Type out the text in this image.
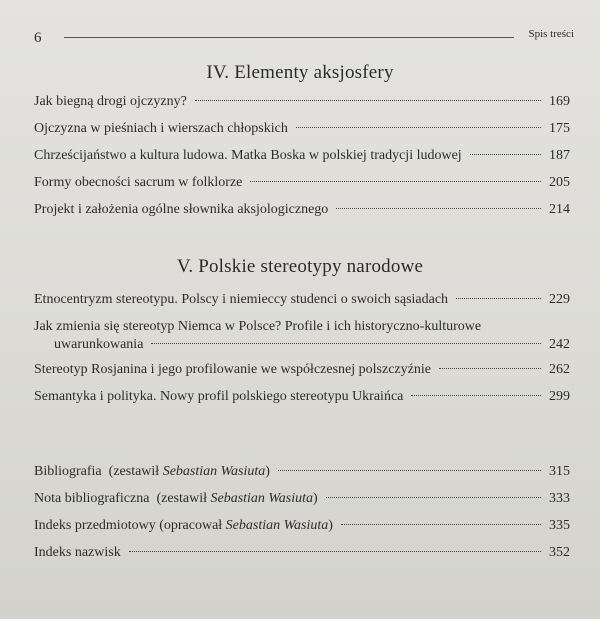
6	Spis treści
IV. Elementy aksjosfery
Jak biegną drogi ojczyzny?	169
Ojczyzna w pieśniach i wierszach chłopskich	175
Chrześcijaństwo a kultura ludowa. Matka Boska w polskiej tradycji ludowej	187
Formy obecności sacrum w folklorze	205
Projekt i założenia ogólne słownika aksjologicznego	214
V. Polskie stereotypy narodowe
Etnocentryzm stereotypu. Polscy i niemieccy studenci o swoich sąsiadach	229
Jak zmienia się stereotyp Niemca w Polsce? Profile i ich historyczno-kulturowe
uwarunkowania	242
Stereotyp Rosjanina i jego profilowanie we współczesnej polszczyźnie	262
Semantyka i polityka. Nowy profil polskiego stereotypu Ukraińca	299
Bibliografia (zestawił Sebastian Wasiuta)	315
Nota bibliograficzna (zestawił Sebastian Wasiuta)	333
Indeks przedmiotowy (opracował Sebastian Wasiuta)	335
Indeks nazwisk	352
